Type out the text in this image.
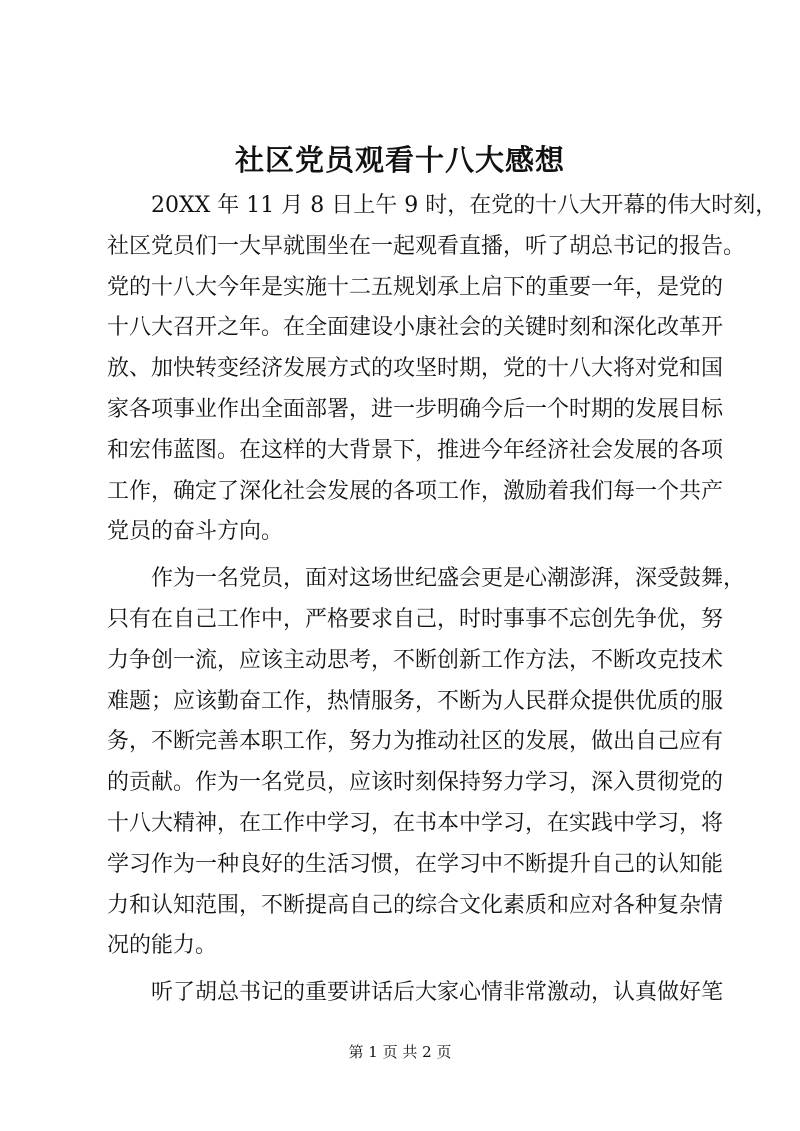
社区党员观看十八大感想
20XX 年 11 月 8 日上午 9 时，在党的十八大开幕的伟大时刻，
社区党员们一大早就围坐在一起观看直播，听了胡总书记的报告。
党的十八大今年是实施十二五规划承上启下的重要一年，是党的
十八大召开之年。在全面建设小康社会的关键时刻和深化改革开
放、加快转变经济发展方式的攻坚时期，党的十八大将对党和国
家各项事业作出全面部署，进一步明确今后一个时期的发展目标
和宏伟蓝图。在这样的大背景下，推进今年经济社会发展的各项
工作，确定了深化社会发展的各项工作，激励着我们每一个共产
党员的奋斗方向。
作为一名党员，面对这场世纪盛会更是心潮澎湃，深受鼓舞，
只有在自己工作中，严格要求自己，时时事事不忘创先争优，努
力争创一流，应该主动思考，不断创新工作方法，不断攻克技术
难题；应该勤奋工作，热情服务，不断为人民群众提供优质的服
务，不断完善本职工作，努力为推动社区的发展，做出自己应有
的贡献。作为一名党员，应该时刻保持努力学习，深入贯彻党的
十八大精神，在工作中学习，在书本中学习，在实践中学习，将
学习作为一种良好的生活习惯，在学习中不断提升自己的认知能
力和认知范围，不断提高自己的综合文化素质和应对各种复杂情
况的能力。
听了胡总书记的重要讲话后大家心情非常激动，认真做好笔
第 1 页 共 2 页
